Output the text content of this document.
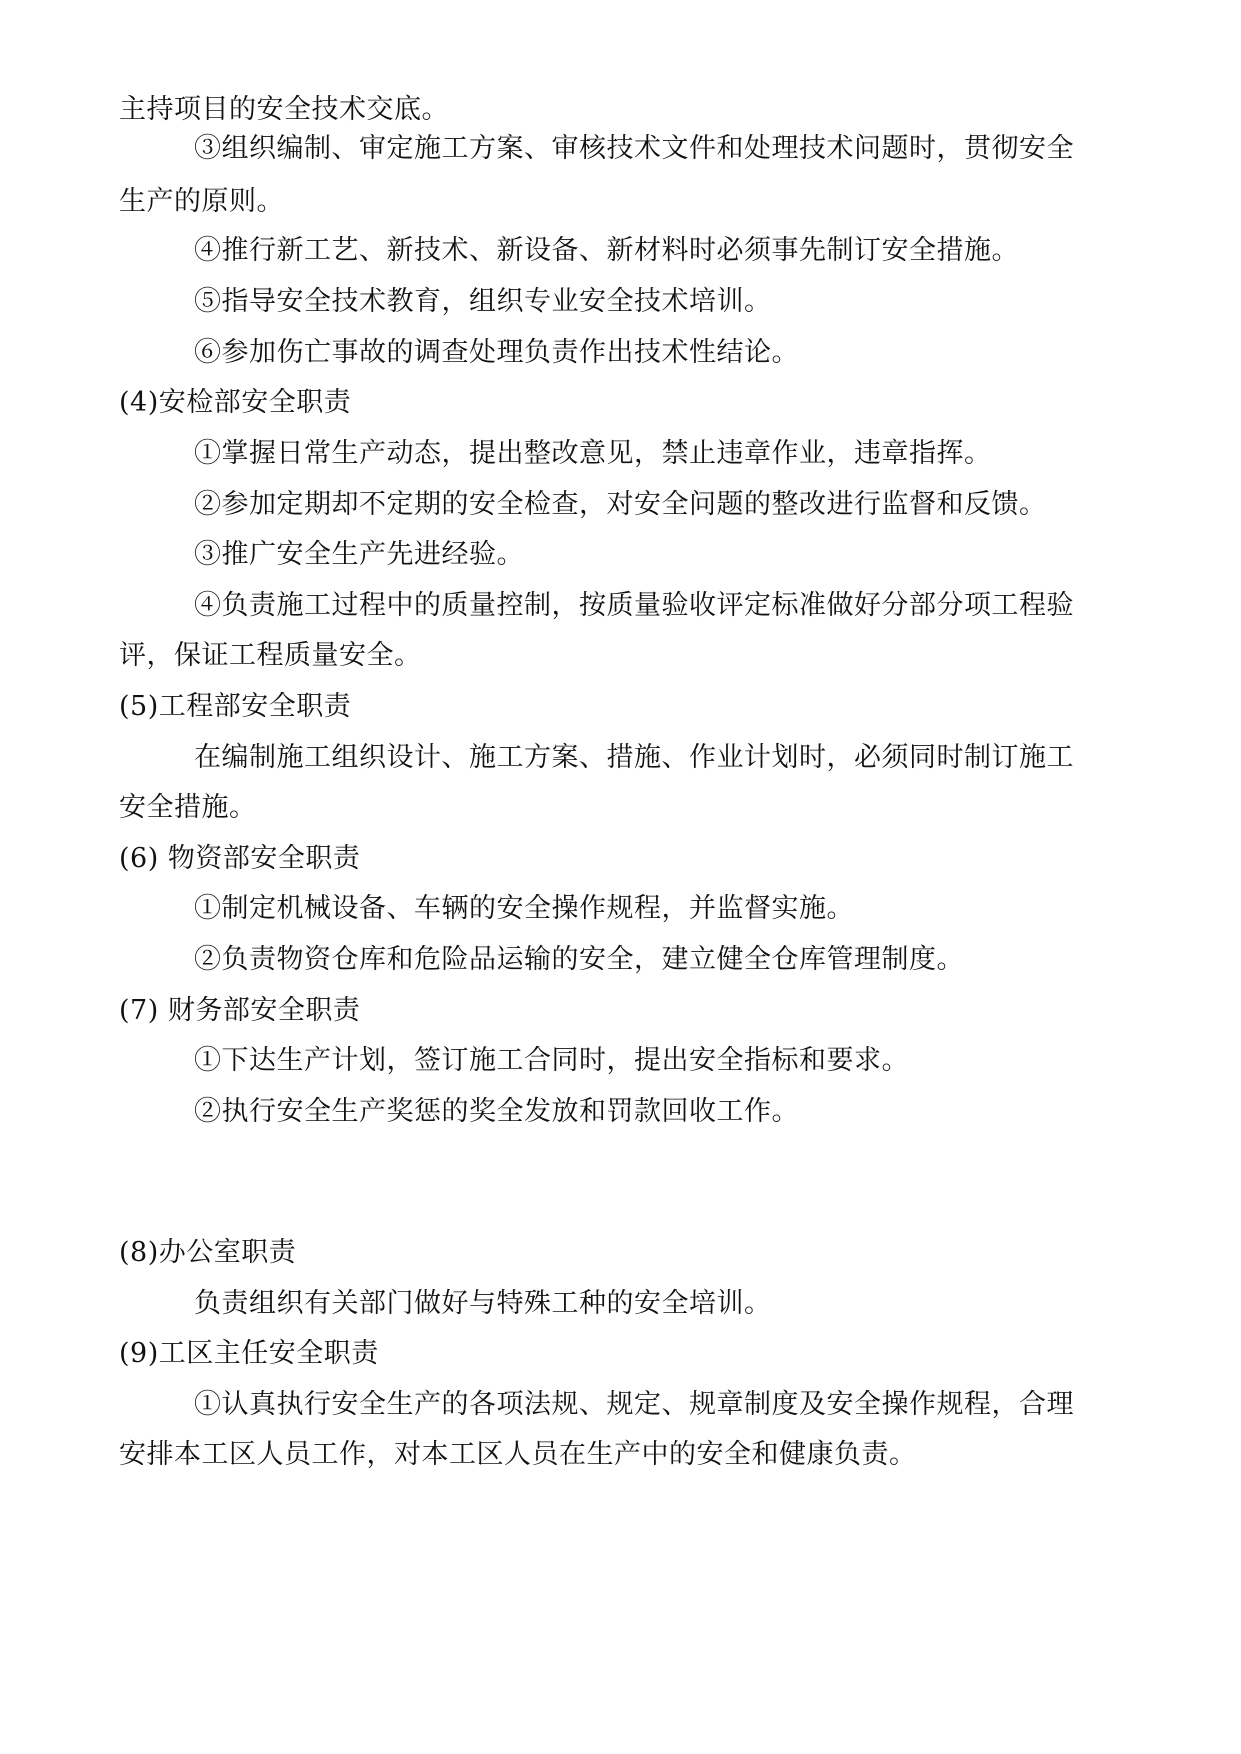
主持项目的安全技术交底。
③组织编制、审定施工方案、审核技术文件和处理技术问题时，贯彻安全
生产的原则。
④推行新工艺、新技术、新设备、新材料时必须事先制订安全措施。
⑤指导安全技术教育，组织专业安全技术培训。
⑥参加伤亡事故的调查处理负责作出技术性结论。
(4)安检部安全职责
①掌握日常生产动态，提出整改意见，禁止违章作业，违章指挥。
②参加定期却不定期的安全检查，对安全问题的整改进行监督和反馈。
③推广安全生产先进经验。
④负责施工过程中的质量控制，按质量验收评定标准做好分部分项工程验
评，保证工程质量安全。
(5)工程部安全职责
在编制施工组织设计、施工方案、措施、作业计划时，必须同时制订施工
安全措施。
(6) 物资部安全职责
①制定机械设备、车辆的安全操作规程，并监督实施。
②负责物资仓库和危险品运输的安全，建立健全仓库管理制度。
(7) 财务部安全职责
①下达生产计划，签订施工合同时，提出安全指标和要求。
②执行安全生产奖惩的奖全发放和罚款回收工作。
(8)办公室职责
负责组织有关部门做好与特殊工种的安全培训。
(9)工区主任安全职责
①认真执行安全生产的各项法规、规定、规章制度及安全操作规程，合理
安排本工区人员工作，对本工区人员在生产中的安全和健康负责。
